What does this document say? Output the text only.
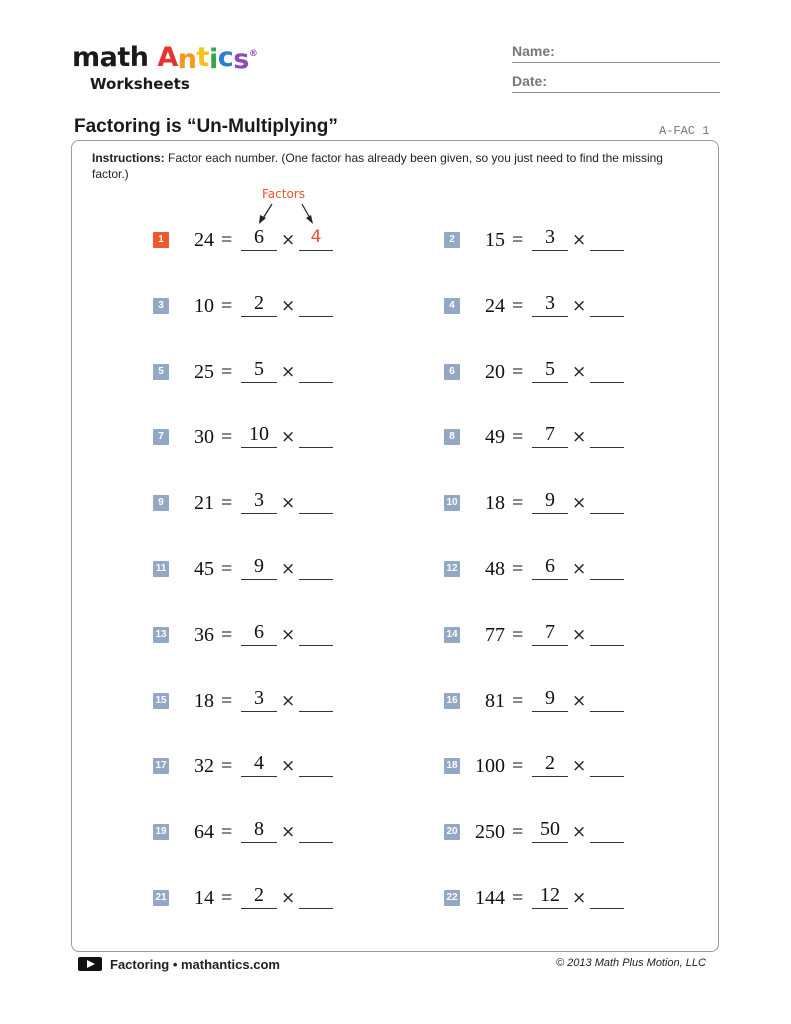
math Antics®
Worksheets
Name:
Date:
Factoring is “Un-Multiplying”	A-FAC 1
Instructions: Factor each number. (One factor has already been given, so you just need to find the missing factor.)
Factors
1	24 =	6	× 4	2	15 =	3	×
3	10 =	2	×	4	24 =	3	×
5	25 =	5	×	6	20 =	5	×
7	30 = 10 ×	8	49 =	7	×
9	21 =	3	×	10	18 =	9	×
11	45 =	9	×	12	48 =	6	×
13	36 =	6	×	14	77 =	7	×
15	18 =	3	×	16	81 =	9	×
17	32 =	4	×	18 100 =	2	×
19	64 =	8	×	20 250 = 50 ×
21	14 =	2	×	22 144 = 12 ×
Factoring • mathantics.com	© 2013 Math Plus Motion, LLC
